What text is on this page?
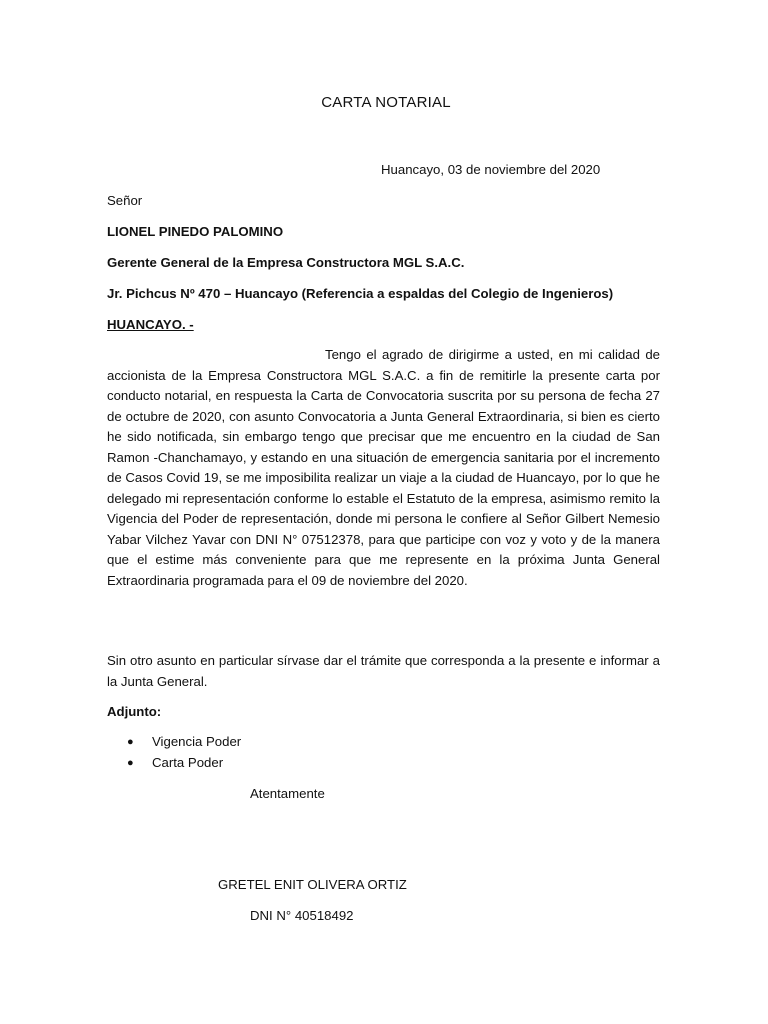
CARTA NOTARIAL
Huancayo, 03 de noviembre del 2020
Señor
LIONEL PINEDO PALOMINO
Gerente General de la Empresa Constructora MGL S.A.C.
Jr. Pichcus Nº 470 – Huancayo (Referencia a espaldas del Colegio de Ingenieros)
HUANCAYO. -
Tengo el agrado de dirigirme a usted, en mi calidad de accionista de la Empresa Constructora MGL S.A.C. a fin de remitirle la presente carta por conducto notarial, en respuesta la Carta de Convocatoria suscrita por su persona de fecha 27 de octubre de 2020, con asunto Convocatoria a Junta General Extraordinaria, si bien es cierto he sido notificada, sin embargo tengo que precisar que me encuentro en la ciudad de San Ramon -Chanchamayo, y estando en una situación de emergencia sanitaria por el incremento de Casos Covid 19, se me imposibilita realizar un viaje a la ciudad de Huancayo, por lo que he delegado mi representación conforme lo estable el Estatuto de la empresa, asimismo remito la Vigencia del Poder de representación, donde mi persona le confiere al Señor Gilbert Nemesio Yabar Vilchez Yavar con DNI N° 07512378, para que participe con voz y voto y de la manera que el estime más conveniente para que me represente en la próxima Junta General Extraordinaria programada para el 09 de noviembre del 2020.
Sin otro asunto en particular sírvase dar el trámite que corresponda a la presente e informar a la Junta General.
Adjunto:
● Vigencia Poder
● Carta Poder
Atentamente
GRETEL ENIT OLIVERA ORTIZ
DNI N° 40518492
